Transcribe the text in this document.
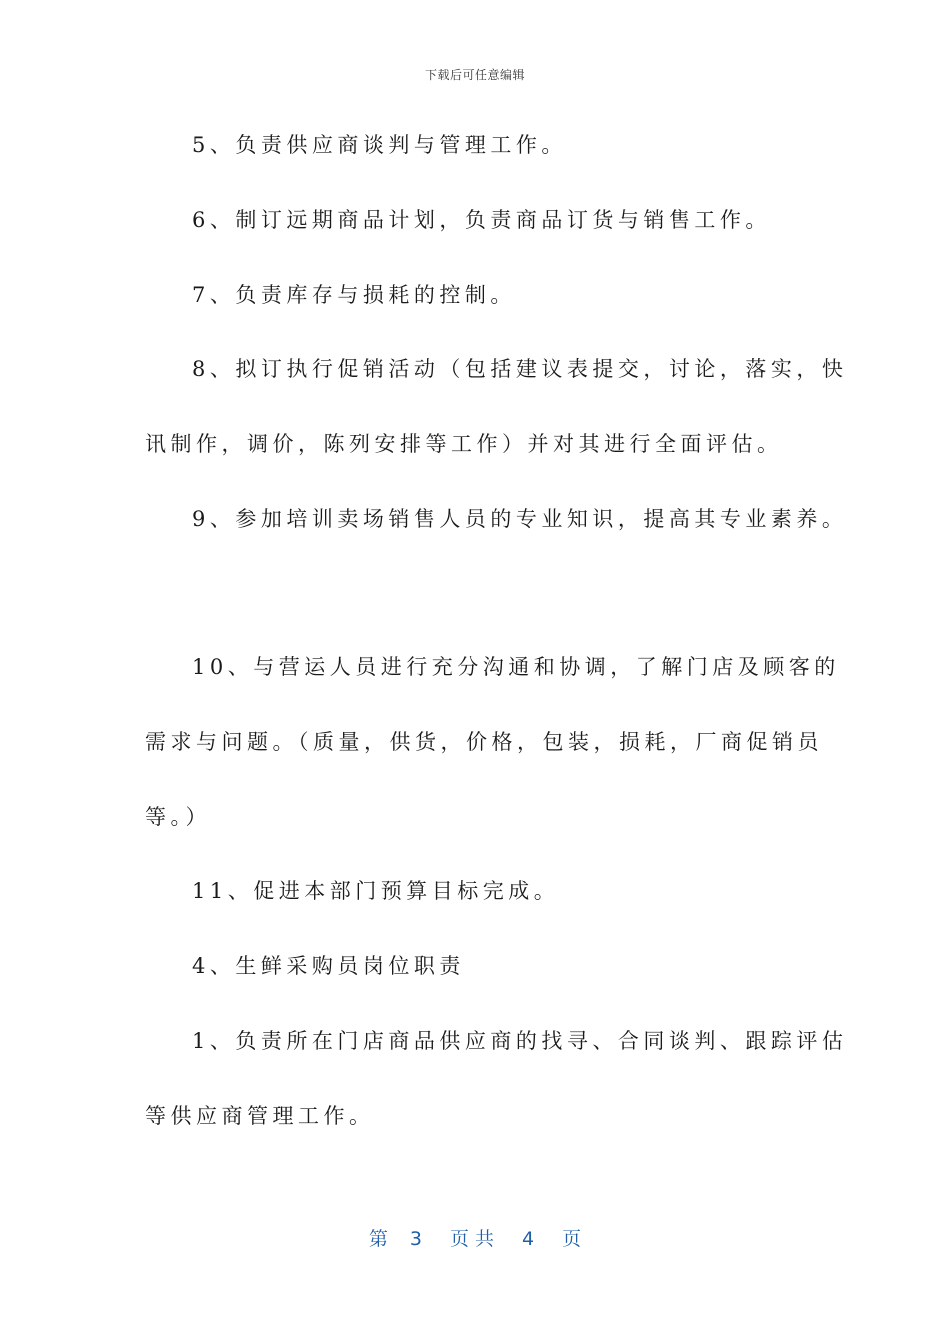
下载后可任意编辑
5、负责供应商谈判与管理工作。
6、制订远期商品计划，负责商品订货与销售工作。
7、负责库存与损耗的控制。
8、拟订执行促销活动（包括建议表提交，讨论，落实，快
讯制作，调价，陈列安排等工作）并对其进行全面评估。
9、参加培训卖场销售人员的专业知识，提高其专业素养。
10、与营运人员进行充分沟通和协调，了解门店及顾客的
需求与问题。（质量，供货，价格，包装，损耗，厂商促销员
等。）
11、促进本部门预算目标完成。
4、生鲜采购员岗位职责
1、负责所在门店商品供应商的找寻、合同谈判、跟踪评估
等供应商管理工作。
第 3 页共 4 页
